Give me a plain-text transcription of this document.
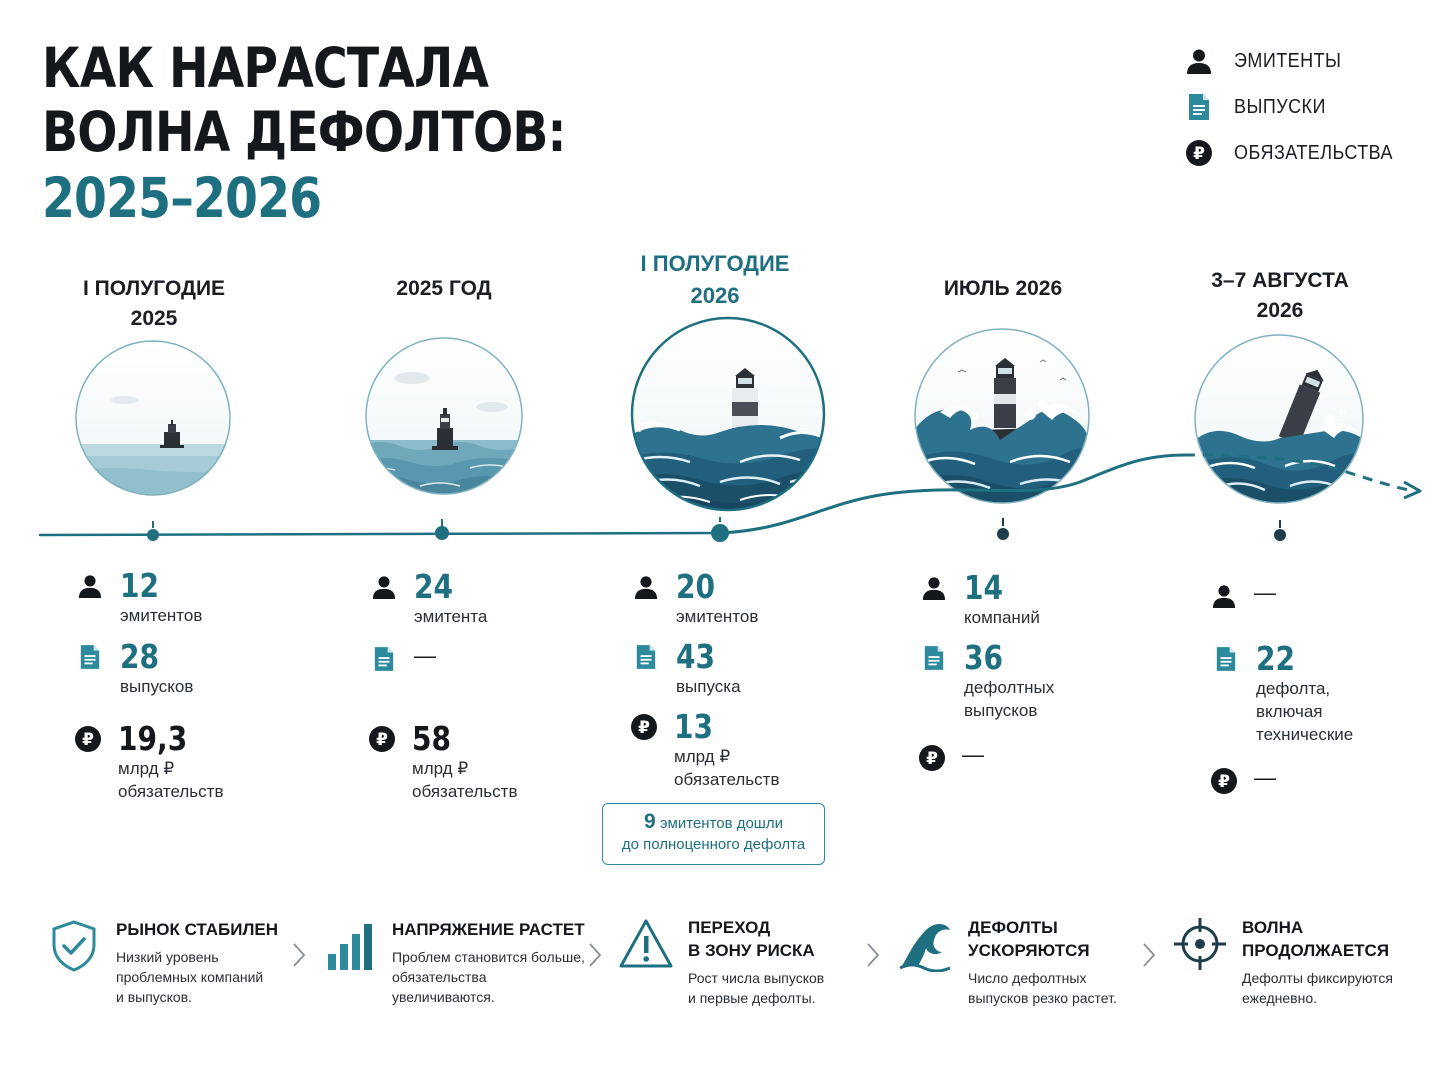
КАК НАРАСТАЛА
ВОЛНА ДЕФОЛТОВ:
2025–2026
ЭМИТЕНТЫ
ВЫПУСКИ
₽ ОБЯЗАТЕЛЬСТВА
I ПОЛУГОДИЕ
2025
2025 ГОД
I ПОЛУГОДИЕ
2026	ИЮЛЬ 2026	3–7 АВГУСТА
2026
12
эмитентов
28
выпусков
₽ 19,3
млрд ₽
обязательств
24
эмитента
—
₽ 58
млрд ₽
обязательств
20
эмитентов
43
выпуска
₽ 13
млрд ₽
обязательств
9 эмитентов дошли
до полноценного дефолта
14
компаний
36
дефолтных
выпусков
₽ —
—
22
дефолта,
включая
технические
₽ —
РЫНОК СТАБИЛЕН
Низкий уровень
проблемных компаний
и выпусков.
НАПРЯЖЕНИЕ РАСТЕТ
Проблем становится больше,
обязательства увеличиваются.
ПЕРЕХОД
В ЗОНУ РИСКА
Рост числа выпусков
и первые дефолты.
ДЕФОЛТЫ
УСКОРЯЮТСЯ
Число дефолтных
выпусков резко растет.
ВОЛНА
ПРОДОЛЖАЕТСЯ
Дефолты фиксируются
ежедневно.
